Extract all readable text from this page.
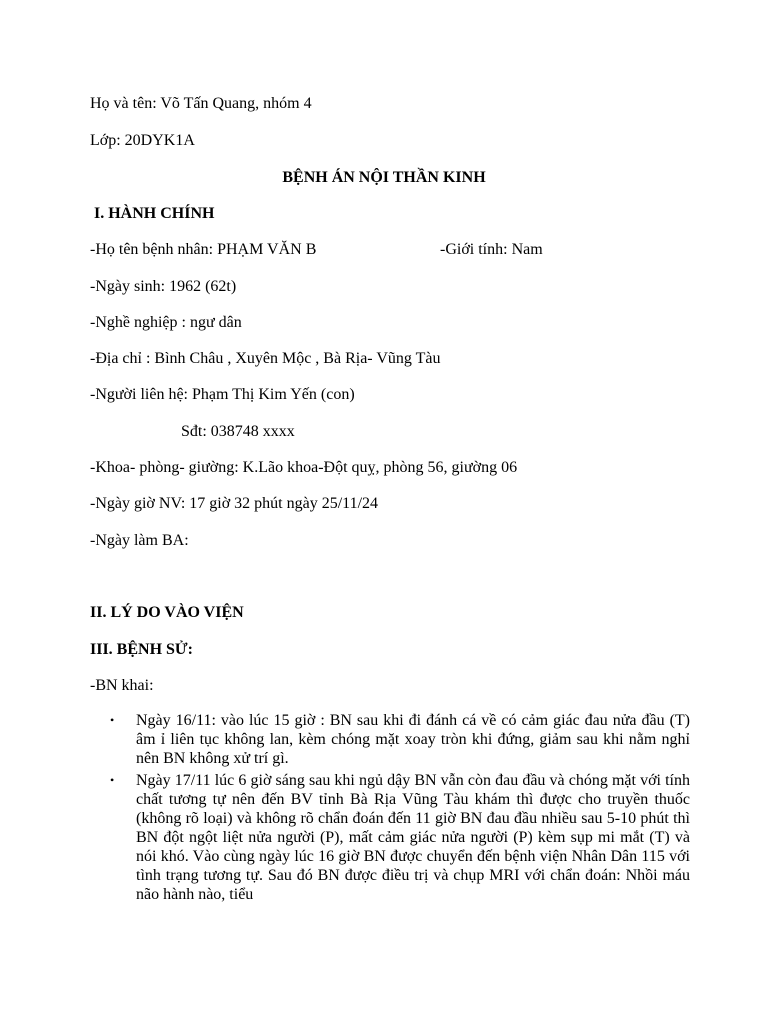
Họ và tên: Võ Tấn Quang, nhóm 4
Lớp: 20DYK1A
BỆNH ÁN NỘI THẦN KINH
I. HÀNH CHÍNH
-Họ tên bệnh nhân: PHẠM VĂN B	-Giới tính: Nam
-Ngày sinh: 1962 (62t)
-Nghề nghiệp : ngư dân
-Địa chỉ : Bình Châu , Xuyên Mộc , Bà Rịa- Vũng Tàu
-Người liên hệ: Phạm Thị Kim Yến (con)
Sđt: 038748 xxxx
-Khoa- phòng- giường: K.Lão khoa-Đột quỵ, phòng 56, giường 06
-Ngày giờ NV: 17 giờ 32 phút ngày 25/11/24
-Ngày làm BA:
II. LÝ DO VÀO VIỆN
III. BỆNH SỬ:
-BN khai:
• Ngày 16/11: vào lúc 15 giờ : BN sau khi đi đánh cá về có cảm giác đau nửa đầu (T) âm ỉ liên tục không lan, kèm chóng mặt xoay tròn khi đứng, giảm sau khi nằm nghỉ nên BN không xử trí gì.
• Ngày 17/11 lúc 6 giờ sáng sau khi ngủ dậy BN vẫn còn đau đầu và chóng mặt với tính chất tương tự nên đến BV tỉnh Bà Rịa Vũng Tàu khám thì được cho truyền thuốc (không rõ loại) và không rõ chẩn đoán đến 11 giờ BN đau đầu nhiều sau 5-10 phút thì BN đột ngột liệt nửa người (P), mất cảm giác nửa người (P) kèm sụp mi mắt (T) và nói khó. Vào cùng ngày lúc 16 giờ BN được chuyển đến bệnh viện Nhân Dân 115 với tình trạng tương tự. Sau đó BN được điều trị và chụp MRI với chẩn đoán: Nhồi máu não hành nào, tiểu
